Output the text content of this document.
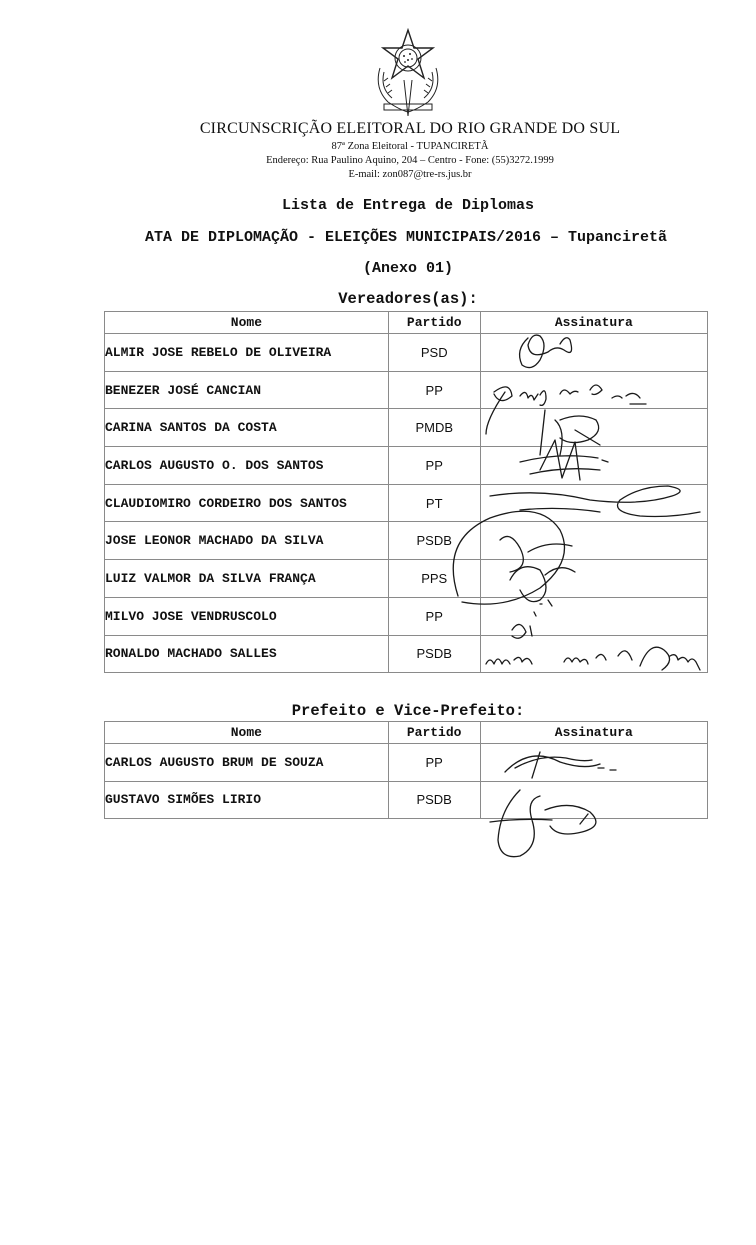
CIRCUNSCRIÇÃO ELEITORAL DO RIO GRANDE DO SUL
87ª Zona Eleitoral - TUPANCIRETÃ
Endereço: Rua Paulino Aquino, 204 – Centro - Fone: (55)3272.1999
E-mail: zon087@tre-rs.jus.br
Lista de Entrega de Diplomas
ATA DE DIPLOMAÇÃO - ELEIÇÕES MUNICIPAIS/2016 – Tupanciretã
(Anexo 01)
Vereadores(as):
Nome	Partido	Assinatura
ALMIR JOSE REBELO DE OLIVEIRA	PSD	
BENEZER JOSÉ CANCIAN	PP	
CARINA SANTOS DA COSTA	PMDB	
CARLOS AUGUSTO O. DOS SANTOS	PP	
CLAUDIOMIRO CORDEIRO DOS SANTOS	PT	
JOSE LEONOR MACHADO DA SILVA	PSDB	
LUIZ VALMOR DA SILVA FRANÇA	PPS	
MILVO JOSE VENDRUSCOLO	PP	
RONALDO MACHADO SALLES	PSDB	
Prefeito e Vice-Prefeito:
Nome	Partido	Assinatura
CARLOS AUGUSTO BRUM DE SOUZA	PP	
GUSTAVO SIMÕES LIRIO	PSDB	
